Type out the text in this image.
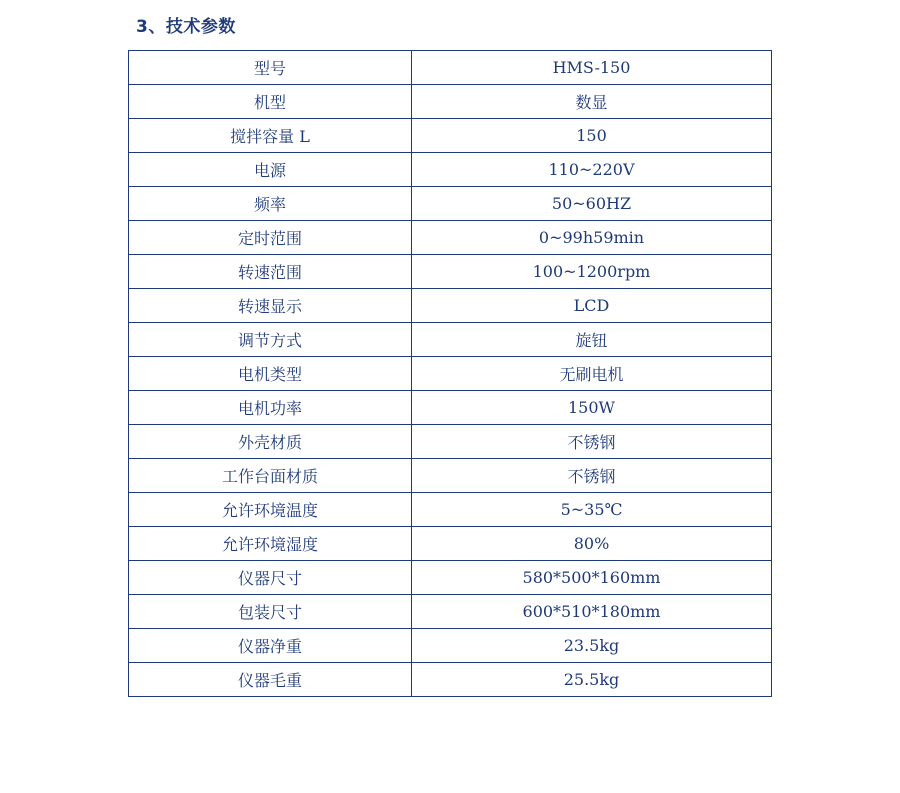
3、技术参数
型号	HMS-150
机型	数显
搅拌容量 L	150
电源	110~220V
频率	50~60HZ
定时范围	0~99h59min
转速范围	100~1200rpm
转速显示	LCD
调节方式	旋钮
电机类型	无刷电机
电机功率	150W
外壳材质	不锈钢
工作台面材质	不锈钢
允许环境温度	5~35℃
允许环境湿度	80%
仪器尺寸	580*500*160mm
包装尺寸	600*510*180mm
仪器净重	23.5kg
仪器毛重	25.5kg
